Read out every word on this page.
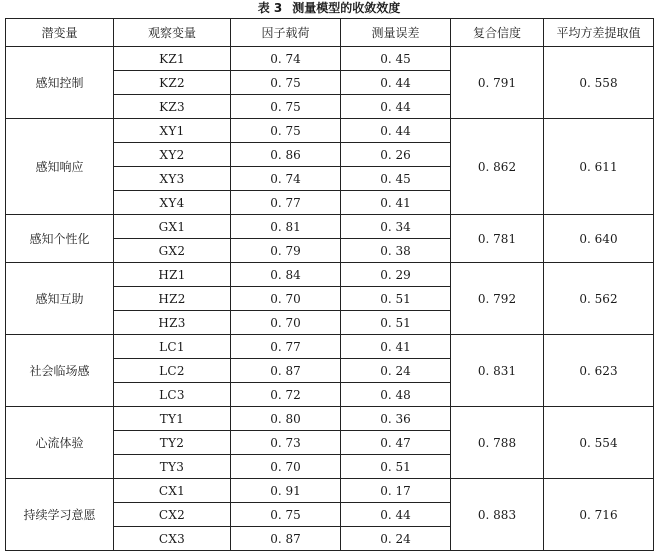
表 3 测量模型的收敛效度
潜变量	观察变量	因子载荷	测量误差	复合信度	平均方差提取值
感知控制	KZ1	0. 74	0. 45	0. 791	0. 558
	KZ2	0. 75	0. 44		
	KZ3	0. 75	0. 44		
感知响应	XY1	0. 75	0. 44	0. 862	0. 611
	XY2	0. 86	0. 26		
	XY3	0. 74	0. 45		
	XY4	0. 77	0. 41		
感知个性化	GX1	0. 81	0. 34	0. 781	0. 640
	GX2	0. 79	0. 38		
感知互助	HZ1	0. 84	0. 29	0. 792	0. 562
	HZ2	0. 70	0. 51		
	HZ3	0. 70	0. 51		
社会临场感	LC1	0. 77	0. 41	0. 831	0. 623
	LC2	0. 87	0. 24		
	LC3	0. 72	0. 48		
心流体验	TY1	0. 80	0. 36	0. 788	0. 554
	TY2	0. 73	0. 47		
	TY3	0. 70	0. 51		
持续学习意愿	CX1	0. 91	0. 17	0. 883	0. 716
	CX2	0. 75	0. 44		
	CX3	0. 87	0. 24		
